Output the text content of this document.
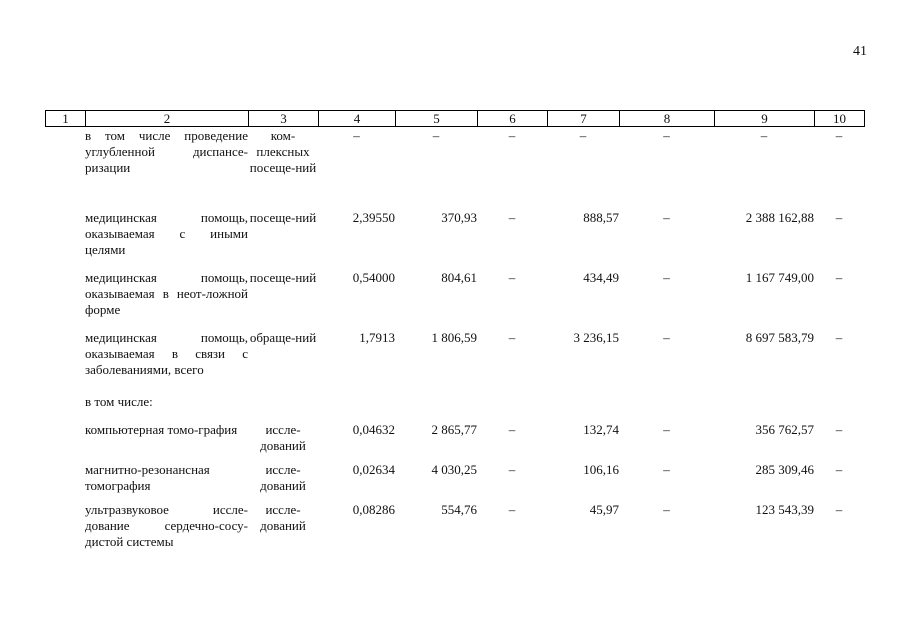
41
1	2	3	4	5	6	7	8	9	10
	в том числе проведение углубленной диспансе-ризации	ком-плексных посеще-ний	–	–	–	–	–	–	–
	медицинская помощь, оказываемая с иными целями	посеще-ний	2,39550	370,93	–	888,57	–	2 388 162,88	–
	медицинская помощь, оказываемая в неот-ложной форме	посеще-ний	0,54000	804,61	–	434,49	–	1 167 749,00	–
	медицинская помощь, оказываемая в связи с заболеваниями, всего	обраще-ний	1,7913	1 806,59	–	3 236,15	–	8 697 583,79	–
	в том числе:								
	компьютерная томо-графия	иссле-дований	0,04632	2 865,77	–	132,74	–	356 762,57	–
	магнитно-резонансная томография	иссле-дований	0,02634	4 030,25	–	106,16	–	285 309,46	–
	ультразвуковое иссле-дование сердечно-сосу-дистой системы	иссле-дований	0,08286	554,76	–	45,97	–	123 543,39	–
